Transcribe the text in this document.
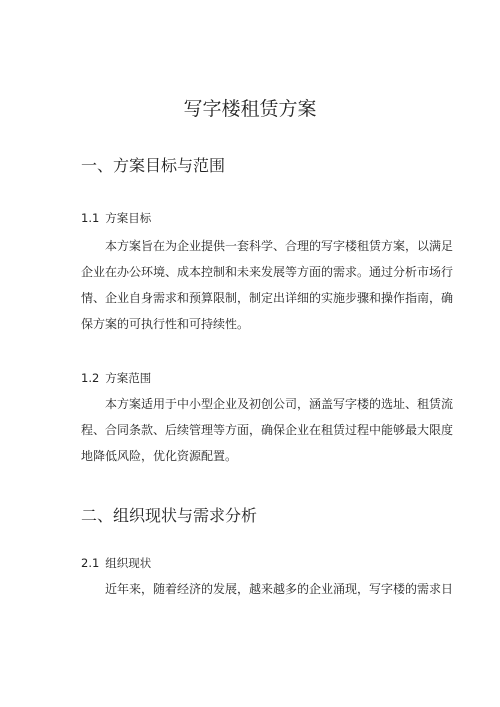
写字楼租赁方案
一、方案目标与范围
1.1 方案目标
本方案旨在为企业提供一套科学、合理的写字楼租赁方案，以满足
企业在办公环境、成本控制和未来发展等方面的需求。通过分析市场行
情、企业自身需求和预算限制，制定出详细的实施步骤和操作指南，确
保方案的可执行性和可持续性。
1.2 方案范围
本方案适用于中小型企业及初创公司，涵盖写字楼的选址、租赁流
程、合同条款、后续管理等方面，确保企业在租赁过程中能够最大限度
地降低风险，优化资源配置。
二、组织现状与需求分析
2.1 组织现状
近年来，随着经济的发展，越来越多的企业涌现，写字楼的需求日
